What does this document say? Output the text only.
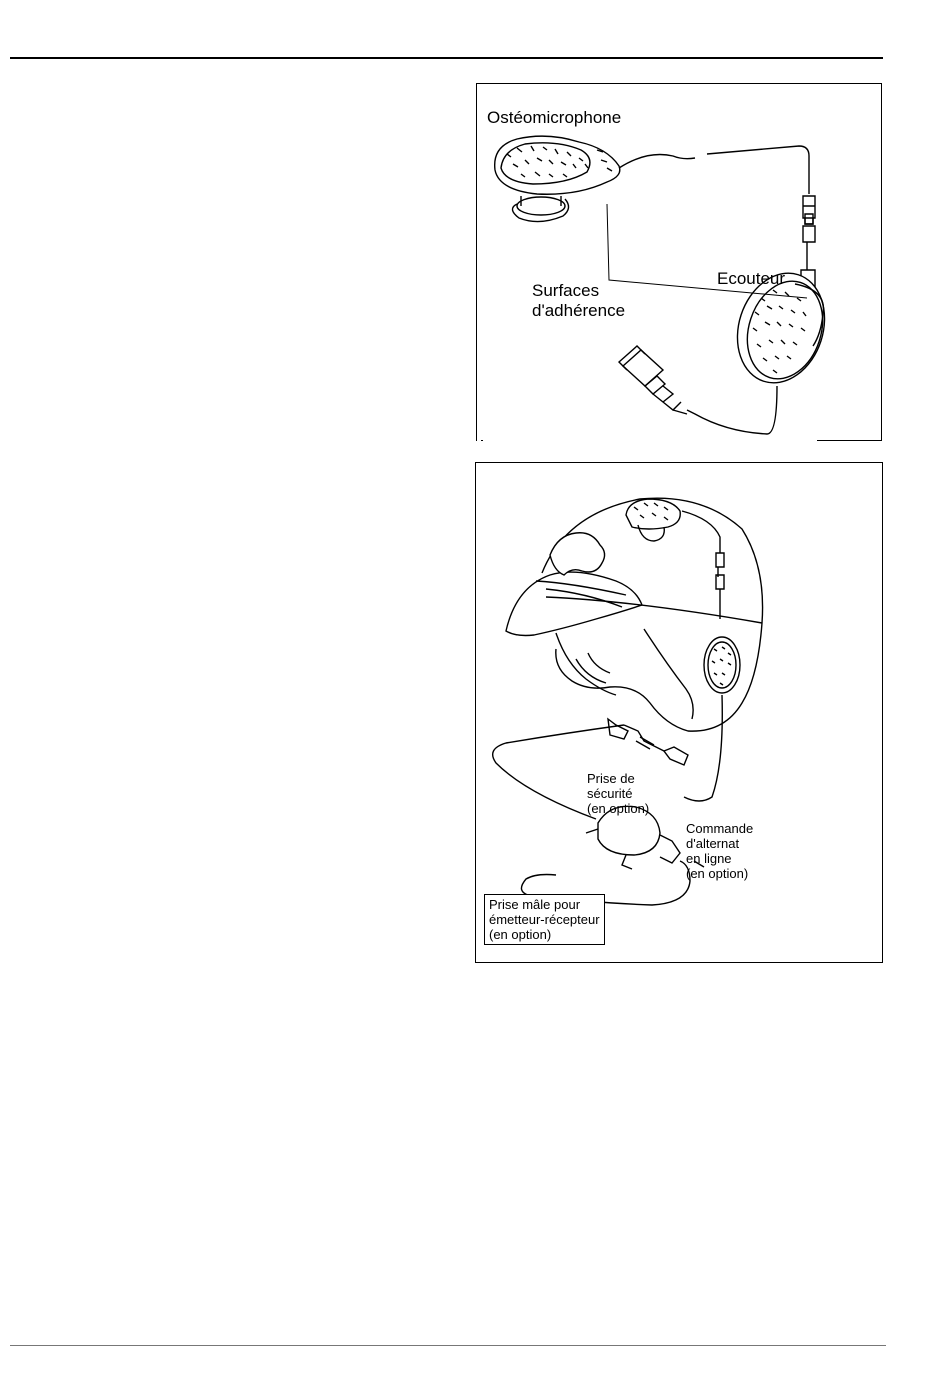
Ostéomicrophone
Surfaces
d'adhérence
Ecouteur
Prise de
sécurité
(en option)
Commande
d'alternat
en ligne
(en option)
Prise mâle pour
émetteur-récepteur
(en option)
